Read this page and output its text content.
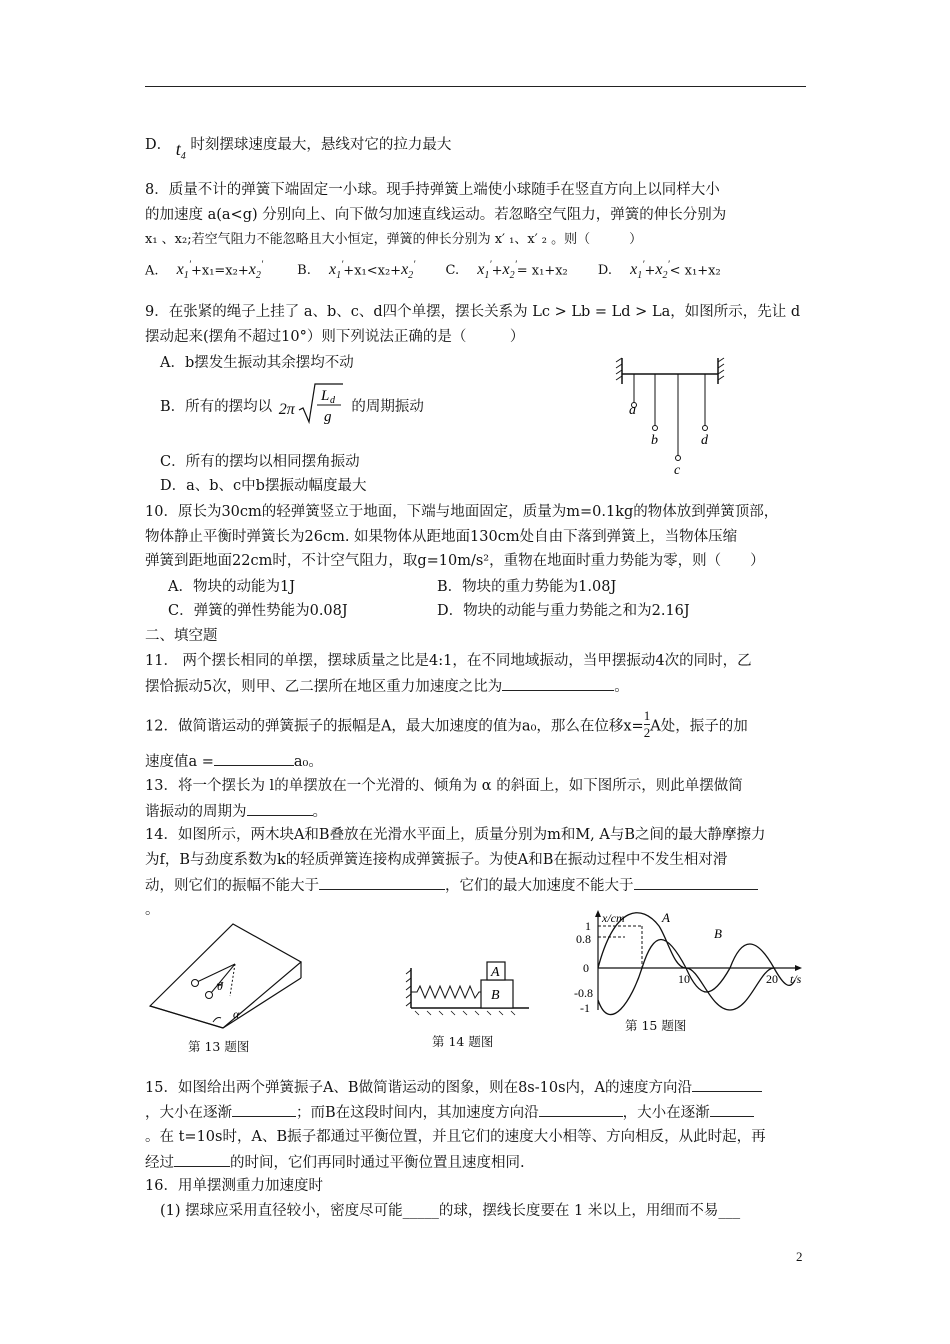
D． $t_4$ 时刻摆球速度最大，悬线对它的拉力最大
8．质量不计的弹簧下端固定一小球。现手持弹簧上端使小球随手在竖直方向上以同样大小
的加速度 a(a<g) 分别向上、向下做匀加速直线运动。若忽略空气阻力，弹簧的伸长分别为
x₁ 、x₂;若空气阻力不能忽略且大小恒定，弹簧的伸长分别为 x′ ₁、x′ ₂ 。则（　　　）
A. $x_1'+x_1=x_2+x_2'$	B. $x_1'+x_1<x_2+x_2'$ C. $x_1'+x_2'= x_1+x_2$ D. $x_1'+x_2'< x_1+x_2$
9．在张紧的绳子上挂了 a、b、c、d四个单摆，摆长关系为 Lc > Lb = Ld > La，如图所示，先让 d
摆动起来(摆角不超过10°）则下列说法正确的是（　　　）
A．b摆发生振动其余摆均不动
B．所有的摆均以 2π
L d
g
的周期振动
C．所有的摆均以相同摆角振动
D．a、b、c中b摆振动幅度最大
a
b
c
d
10．原长为30cm的轻弹簧竖立于地面，下端与地面固定，质量为m=0.1kg的物体放到弹簧顶部，
物体静止平衡时弹簧长为26cm. 如果物体从距地面130cm处自由下落到弹簧上，当物体压缩
弹簧到距地面22cm时，不计空气阻力，取g=10m/s²，重物在地面时重力势能为零，则（　　）
A．物块的动能为1J	B．物块的重力势能为1.08J
C．弹簧的弹性势能为0.08J	D．物块的动能与重力势能之和为2.16J
二、填空题
11． 两个摆长相同的单摆，摆球质量之比是4:1，在不同地域振动，当甲摆振动4次的同时，乙
摆恰振动5次，则甲、乙二摆所在地区重力加速度之比为	。
12．做简谐运动的弹簧振子的振幅是A，最大加速度的值为a₀，那么在位移$x= \frac{1}{2}$ A处，振子的加
速度值a =	a₀。
13．将一个摆长为 l的单摆放在一个光滑的、倾角为 α 的斜面上，如下图所示，则此单摆做简
谐振动的周期为	。
14．如图所示，两木块A和B叠放在光滑水平面上，质量分别为m和M, A与B之间的最大静摩擦力
为f，B与劲度系数为k的轻质弹簧连接构成弹簧振子。为使A和B在振动过程中不发生相对滑
动，则它们的振幅不能大于	，它们的最大加速度不能大于
。
θ
α
第 13 题图
A
B
第 14 题图
x/cm
t/s
1
0.8
0
-0.8
-1
10	20
A
B
第 15 题图
15．如图给出两个弹簧振子A、B做简谐运动的图象，则在8s-10s内，A的速度方向沿
，大小在逐渐	；而B在这段时间内，其加速度方向沿	，大小在逐渐
。在 t=10s时，A、B振子都通过平衡位置，并且它们的速度大小相等、方向相反，从此时起，再
经过	的时间，它们再同时通过平衡位置且速度相同.
16．用单摆测重力加速度时
(1) 摆球应采用直径较小，密度尽可能_____的球，摆线长度要在 1 米以上，用细而不易___
2
